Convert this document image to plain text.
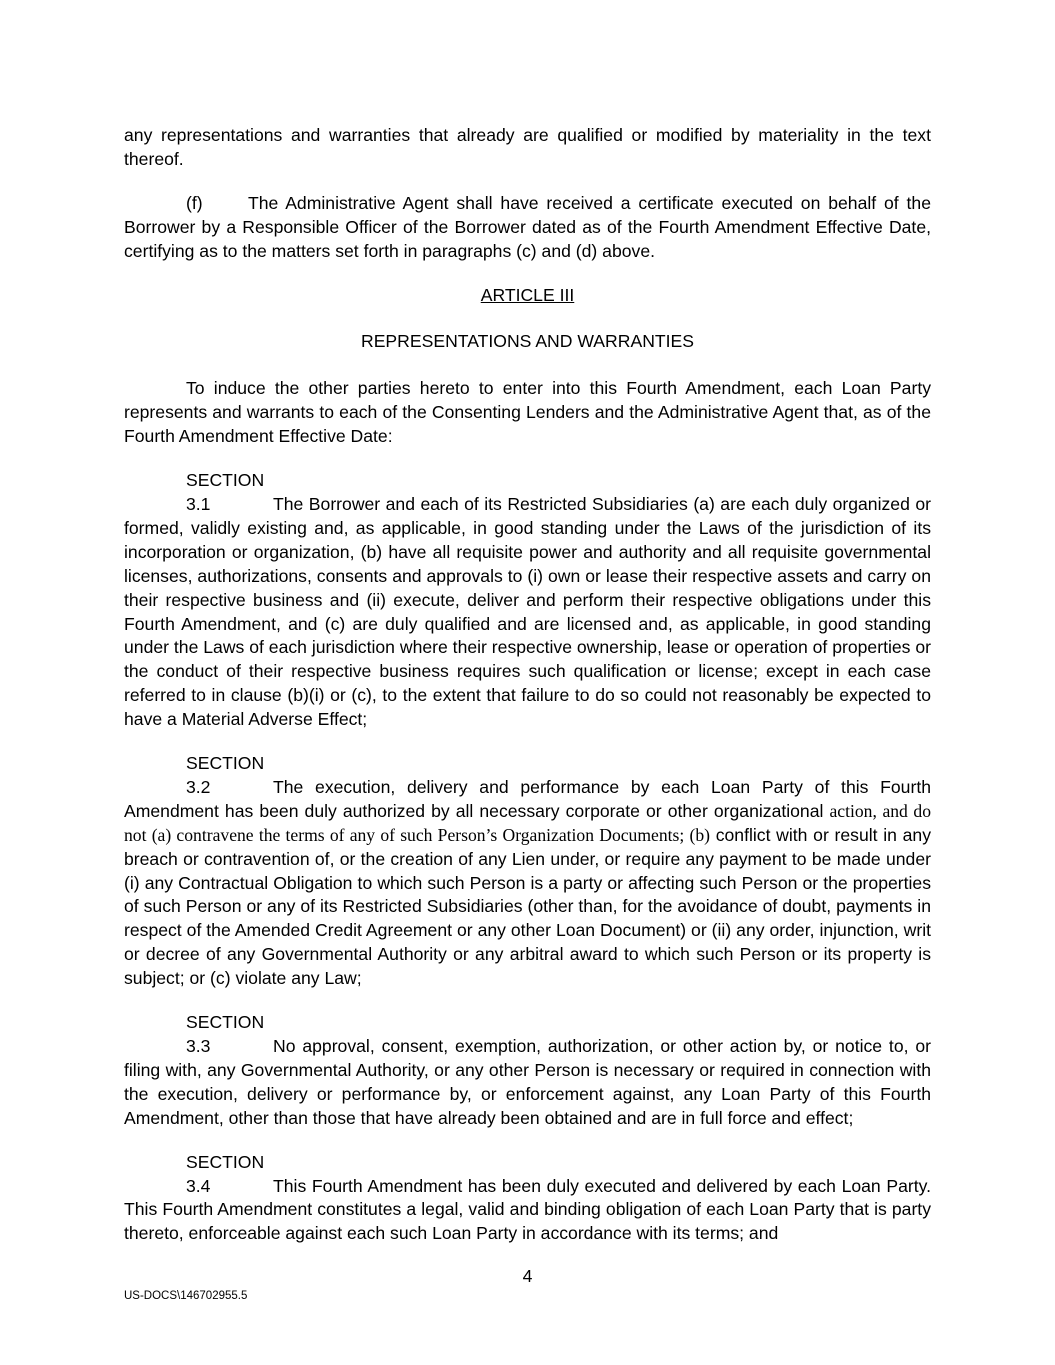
any representations and warranties that already are qualified or modified by materiality in the text thereof.

(f)	The Administrative Agent shall have received a certificate executed on behalf of the Borrower by a Responsible Officer of the Borrower dated as of the Fourth Amendment Effective Date, certifying as to the matters set forth in paragraphs (c) and (d) above.

ARTICLE III
REPRESENTATIONS AND WARRANTIES

To induce the other parties hereto to enter into this Fourth Amendment, each Loan Party represents and warrants to each of the Consenting Lenders and the Administrative Agent that, as of the Fourth Amendment Effective Date:

SECTION 3.1	The Borrower and each of its Restricted Subsidiaries (a) are each duly organized or formed, validly existing and, as applicable, in good standing under the Laws of the jurisdiction of its incorporation or organization, (b) have all requisite power and authority and all requisite governmental licenses, authorizations, consents and approvals to (i) own or lease their respective assets and carry on their respective business and (ii) execute, deliver and perform their respective obligations under this Fourth Amendment, and (c) are duly qualified and are licensed and, as applicable, in good standing under the Laws of each jurisdiction where their respective ownership, lease or operation of properties or the conduct of their respective business requires such qualification or license; except in each case referred to in clause (b)(i) or (c), to the extent that failure to do so could not reasonably be expected to have a Material Adverse Effect;

SECTION 3.2	The execution, delivery and performance by each Loan Party of this Fourth Amendment has been duly authorized by all necessary corporate or other organizational action, and do not (a) contravene the terms of any of such Person’s Organization Documents; (b) conflict with or result in any breach or contravention of, or the creation of any Lien under, or require any payment to be made under (i) any Contractual Obligation to which such Person is a party or affecting such Person or the properties of such Person or any of its Restricted Subsidiaries (other than, for the avoidance of doubt, payments in respect of the Amended Credit Agreement or any other Loan Document) or (ii) any order, injunction, writ or decree of any Governmental Authority or any arbitral award to which such Person or its property is subject; or (c) violate any Law;

SECTION 3.3	No approval, consent, exemption, authorization, or other action by, or notice to, or filing with, any Governmental Authority, or any other Person is necessary or required in connection with the execution, delivery or performance by, or enforcement against, any Loan Party of this Fourth Amendment, other than those that have already been obtained and are in full force and effect;

SECTION 3.4	This Fourth Amendment has been duly executed and delivered by each Loan Party. This Fourth Amendment constitutes a legal, valid and binding obligation of each Loan Party that is party thereto, enforceable against each such Loan Party in accordance with its terms; and

4
US-DOCS\146702955.5
